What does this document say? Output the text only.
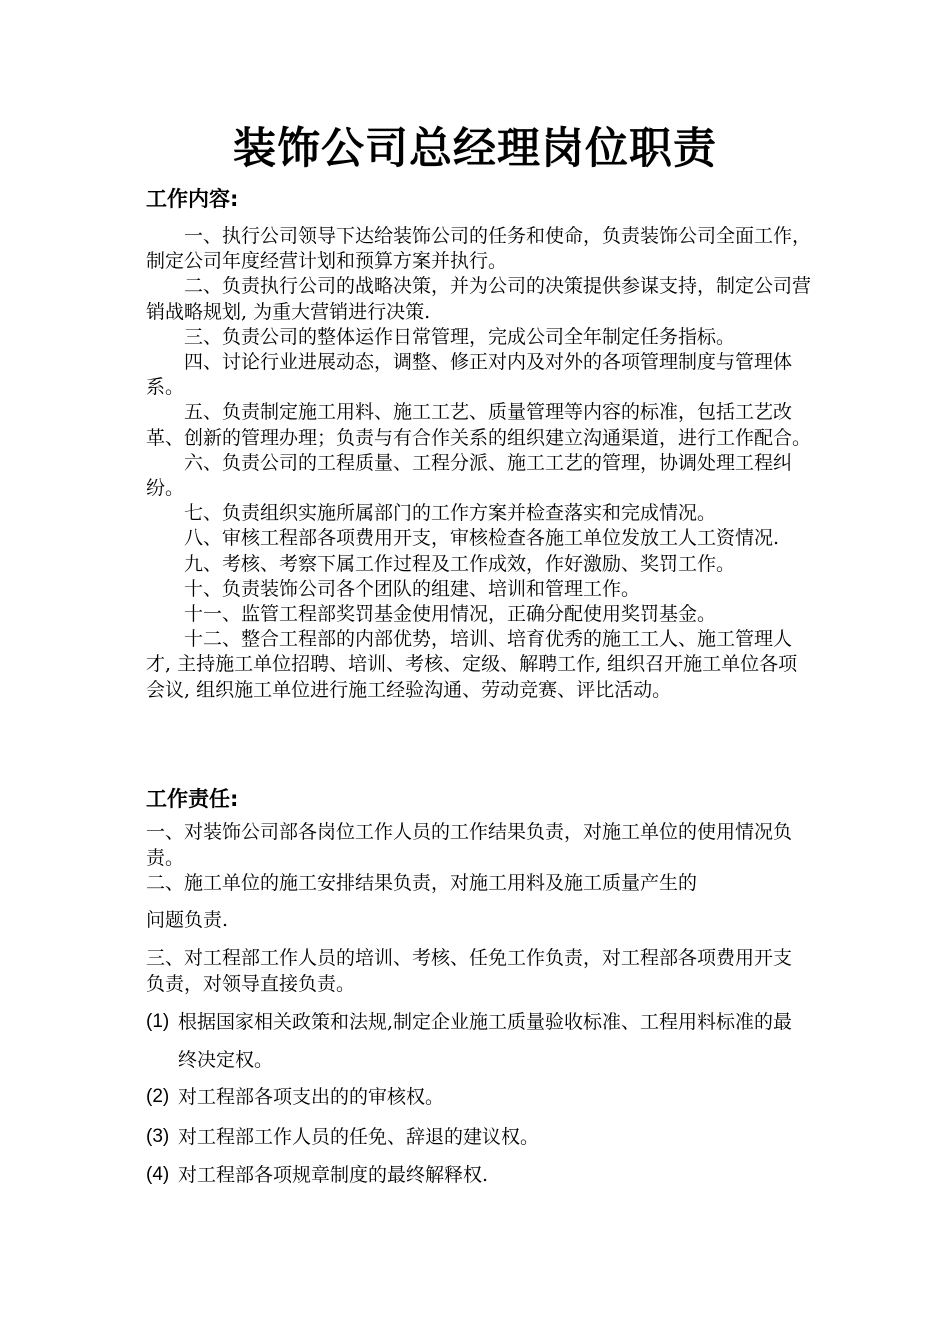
装饰公司总经理岗位职责
工作内容:
一、执行公司领导下达给装饰公司的任务和使命，负责装饰公司全面工作，制定公司年度经营计划和预算方案并执行。
二、负责执行公司的战略决策，并为公司的决策提供参谋支持，制定公司营销战略规划, 为重大营销进行决策.
三、负责公司的整体运作日常管理，完成公司全年制定任务指标。
四、讨论行业进展动态，调整、修正对内及对外的各项管理制度与管理体系。
五、负责制定施工用料、施工工艺、质量管理等内容的标准，包括工艺改革、创新的管理办理；负责与有合作关系的组织建立沟通渠道，进行工作配合。
六、负责公司的工程质量、工程分派、施工工艺的管理，协调处理工程纠纷。
七、负责组织实施所属部门的工作方案并检查落实和完成情况。
八、审核工程部各项费用开支，审核检查各施工单位发放工人工资情况.
九、考核、考察下属工作过程及工作成效，作好激励、奖罚工作。
十、负责装饰公司各个团队的组建、培训和管理工作。
十一、监管工程部奖罚基金使用情况，正确分配使用奖罚基金。
十二、整合工程部的内部优势，培训、培育优秀的施工工人、施工管理人才, 主持施工单位招聘、培训、考核、定级、解聘工作, 组织召开施工单位各项会议, 组织施工单位进行施工经验沟通、劳动竞赛、评比活动。
工作责任:

一、对装饰公司部各岗位工作人员的工作结果负责，对施工单位的使用情况负责。

二、施工单位的施工安排结果负责，对施工用料及施工质量产生的

问题负责.

三、对工程部工作人员的培训、考核、任免工作负责，对工程部各项费用开支负责，对领导直接负责。

(1) 根据国家相关政策和法规,制定企业施工质量验收标准、工程用料标准的最终决定权。
(2) 对工程部各项支出的的审核权。
(3) 对工程部工作人员的任免、辞退的建议权。
(4) 对工程部各项规章制度的最终解释权.
